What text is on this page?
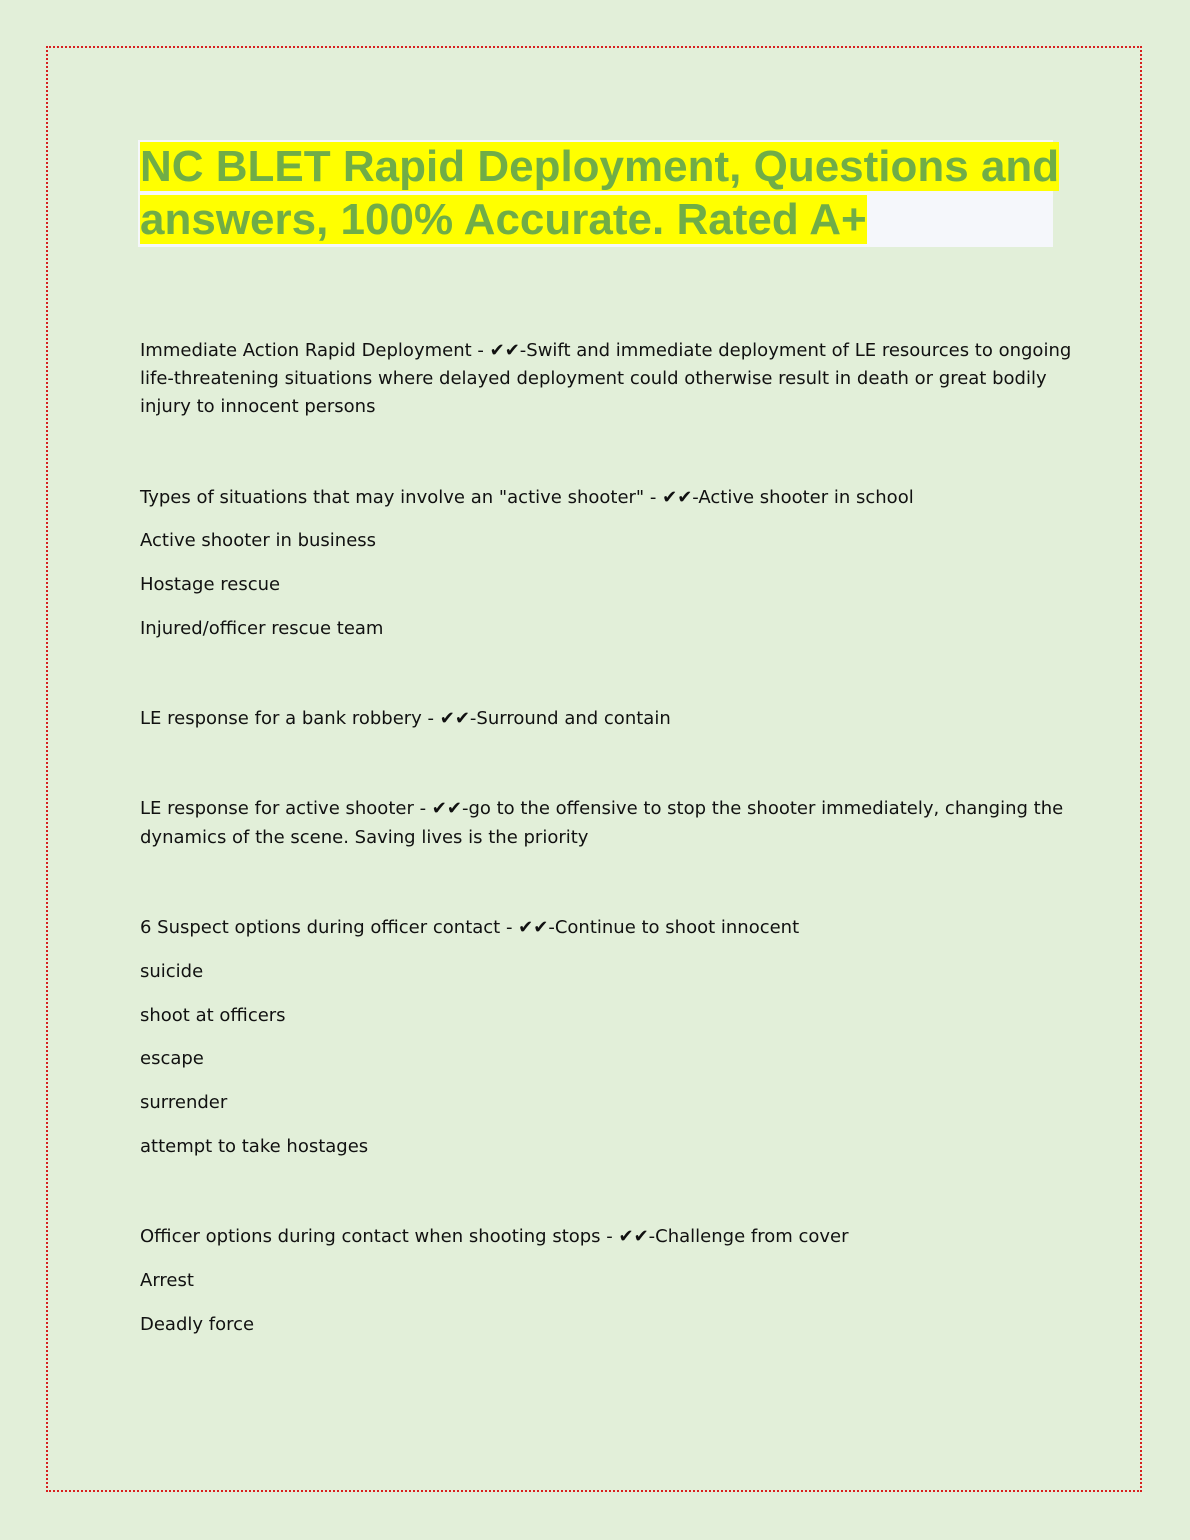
NC BLET Rapid Deployment, Questions and answers, 100% Accurate. Rated A+
Immediate Action Rapid Deployment - ✔✔-Swift and immediate deployment of LE resources to ongoing
life-threatening situations where delayed deployment could otherwise result in death or great bodily
injury to innocent persons
Types of situations that may involve an "active shooter" - ✔✔-Active shooter in school
Active shooter in business
Hostage rescue
Injured/officer rescue team
LE response for a bank robbery - ✔✔-Surround and contain
LE response for active shooter - ✔✔-go to the offensive to stop the shooter immediately, changing the
dynamics of the scene. Saving lives is the priority
6 Suspect options during officer contact - ✔✔-Continue to shoot innocent
suicide
shoot at officers
escape
surrender
attempt to take hostages
Officer options during contact when shooting stops - ✔✔-Challenge from cover
Arrest
Deadly force
